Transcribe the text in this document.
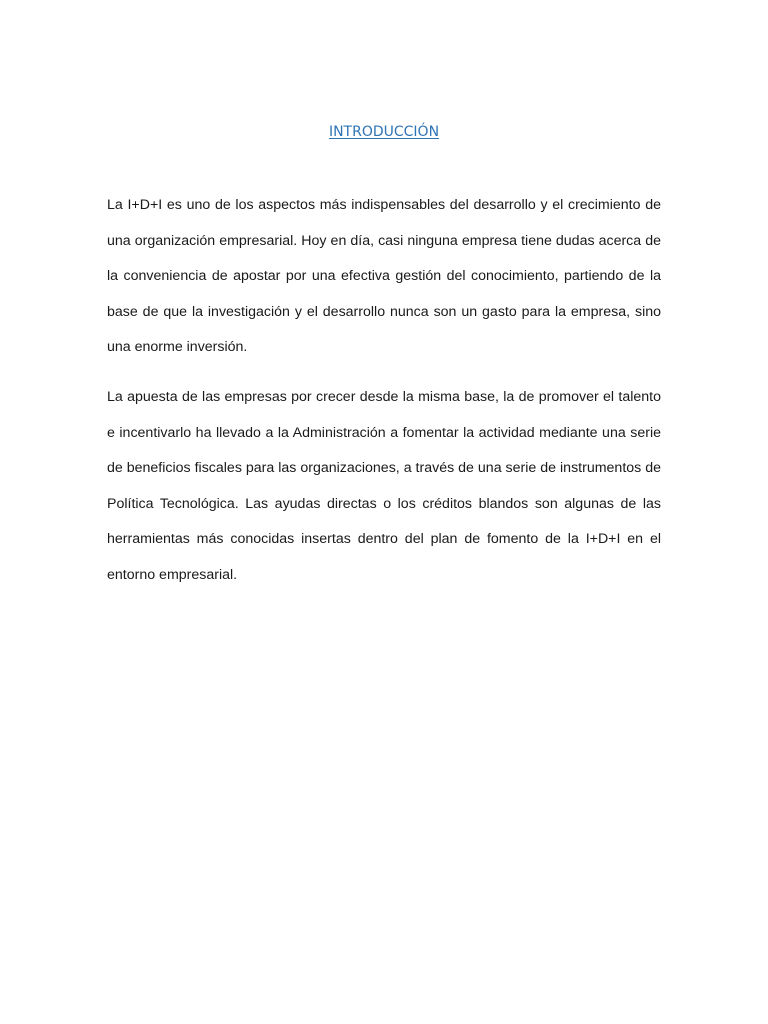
INTRODUCCIÓN

La I+D+I es uno de los aspectos más indispensables del desarrollo y el crecimiento de una organización empresarial. Hoy en día, casi ninguna empresa tiene dudas acerca de la conveniencia de apostar por una efectiva gestión del conocimiento, partiendo de la base de que la investigación y el desarrollo nunca son un gasto para la empresa, sino una enorme inversión.

La apuesta de las empresas por crecer desde la misma base, la de promover el talento e incentivarlo ha llevado a la Administración a fomentar la actividad mediante una serie de beneficios fiscales para las organizaciones, a través de una serie de instrumentos de Política Tecnológica. Las ayudas directas o los créditos blandos son algunas de las herramientas más conocidas insertas dentro del plan de fomento de la I+D+I en el entorno empresarial.
